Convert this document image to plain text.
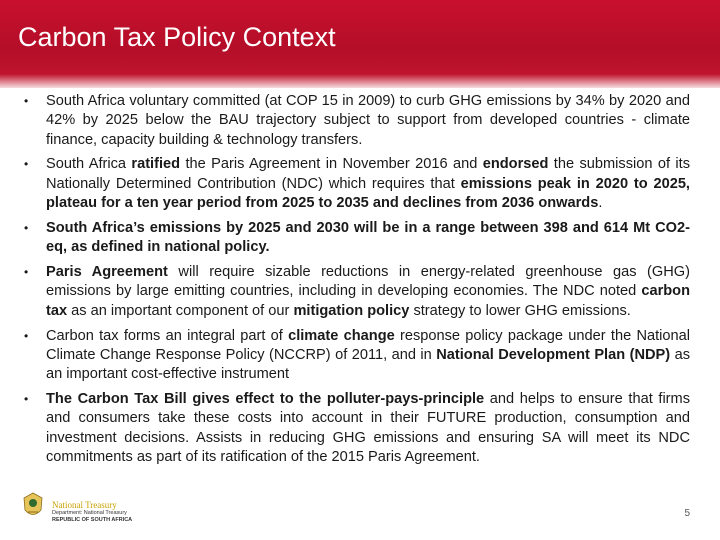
Carbon Tax Policy Context
• South Africa voluntary committed (at COP 15 in 2009) to curb GHG emissions by 34% by 2020 and 42% by 2025 below the BAU trajectory subject to support from developed countries - climate finance, capacity building & technology transfers.
• South Africa ratified the Paris Agreement in November 2016 and endorsed the submission of its Nationally Determined Contribution (NDC) which requires that emissions peak in 2020 to 2025, plateau for a ten year period from 2025 to 2035 and declines from 2036 onwards.
• South Africa’s emissions by 2025 and 2030 will be in a range between 398 and 614 Mt CO2-eq, as defined in national policy.
• Paris Agreement will require sizable reductions in energy-related greenhouse gas (GHG) emissions by large emitting countries, including in developing economies. The NDC noted carbon tax as an important component of our mitigation policy strategy to lower GHG emissions.
• Carbon tax forms an integral part of climate change response policy package under the National Climate Change Response Policy (NCCRP) of 2011, and in National Development Plan (NDP) as an important cost-effective instrument
• The Carbon Tax Bill gives effect to the polluter-pays-principle and helps to ensure that firms and consumers take these costs into account in their FUTURE production, consumption and investment decisions. Assists in reducing GHG emissions and ensuring SA will meet its NDC commitments as part of its ratification of the 2015 Paris Agreement.
National Treasury
Department: National Treasury
REPUBLIC OF SOUTH AFRICA
5
